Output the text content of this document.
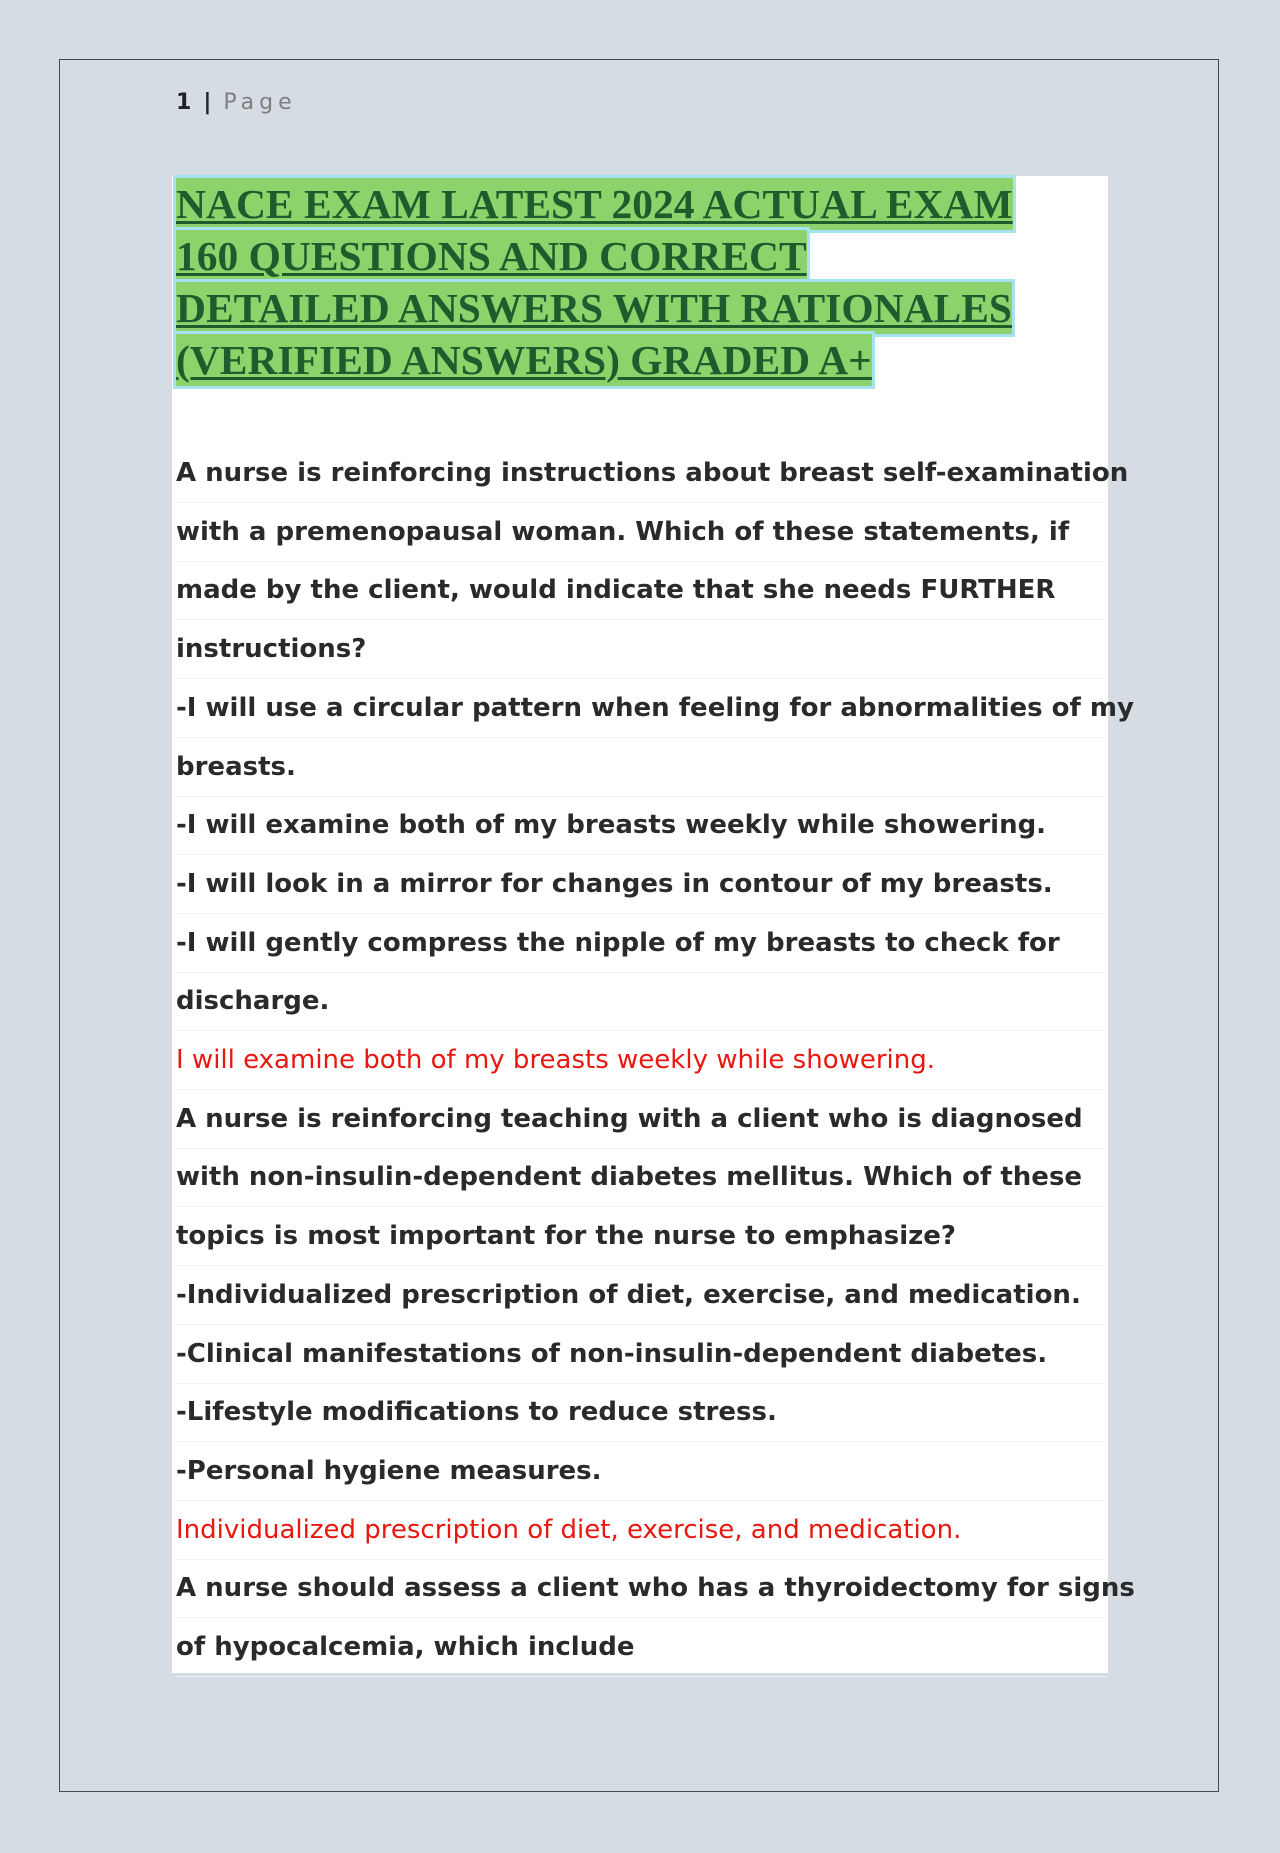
1 | Page
NACE EXAM LATEST 2024 ACTUAL EXAM
160 QUESTIONS AND CORRECT
DETAILED ANSWERS WITH RATIONALES
(VERIFIED ANSWERS) GRADED A+
A nurse is reinforcing instructions about breast self-examination
with a premenopausal woman. Which of these statements, if
made by the client, would indicate that she needs FURTHER
instructions?
-I will use a circular pattern when feeling for abnormalities of my
breasts.
-I will examine both of my breasts weekly while showering.
-I will look in a mirror for changes in contour of my breasts.
-I will gently compress the nipple of my breasts to check for
discharge.
I will examine both of my breasts weekly while showering.
A nurse is reinforcing teaching with a client who is diagnosed
with non-insulin-dependent diabetes mellitus. Which of these
topics is most important for the nurse to emphasize?
-Individualized prescription of diet, exercise, and medication.
-Clinical manifestations of non-insulin-dependent diabetes.
-Lifestyle modifications to reduce stress.
-Personal hygiene measures.
Individualized prescription of diet, exercise, and medication.
A nurse should assess a client who has a thyroidectomy for signs
of hypocalcemia, which include
